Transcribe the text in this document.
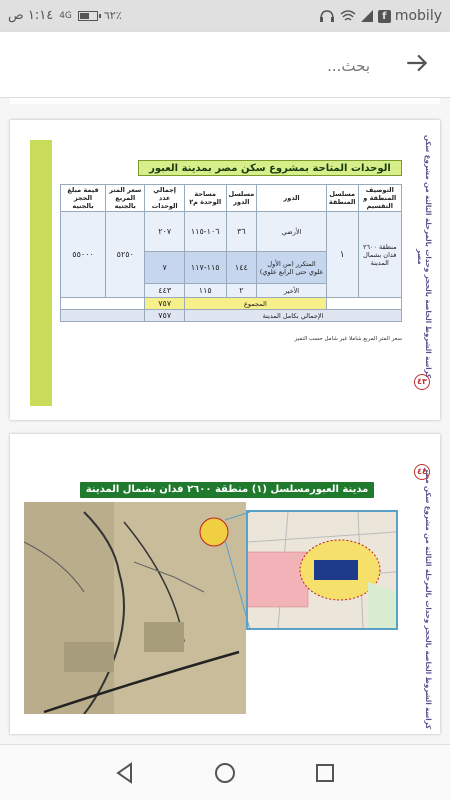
١:١٤ ص 4G	٦٢٪	f mobily
بحث...
كراسة الشروط الخاصة بالحجز وحدات بالمرحلة الثالثة من مشروع سكن مصر
٤٣
الوحدات المتاحة بمشروع سكن مصر بمدينة العبور
التوصيف المنطقة و التقسيم	مسلسل المنطقة	الدور	مسلسل الدور	مساحة الوحدة م٢	إجمالي عدد الوحدات	سعر المتر المربع بالجنيه	قيمة مبلغ الحجز بالجنيه
منطقة ٢٦٠٠ فدان بشمال المدينة	١	الأرضي	٣٦	١٠٦-١١٥	٢٠٧	٥٢٥٠	٥٥٠٠٠
		المتكرر (من الأول علوي حتى الرابع علوي)	١٤٤	١١٥-١١٧	٧		
		الأخير	٢	١١٥	٤٤٣		
		المجموع			٧٥٧		
الإجمالي بكامل المدينة					٧٥٧		
سعر المتر المربع شاملا غير شامل حسب التميز
كراسة الشروط الخاصة بالحجز وحدات بالمرحلة الثالثة من مشروع سكن مصر
٤٤
مدينة العبورمسلسل (١) منطقة ٢٦٠٠ فدان بشمال المدينة
